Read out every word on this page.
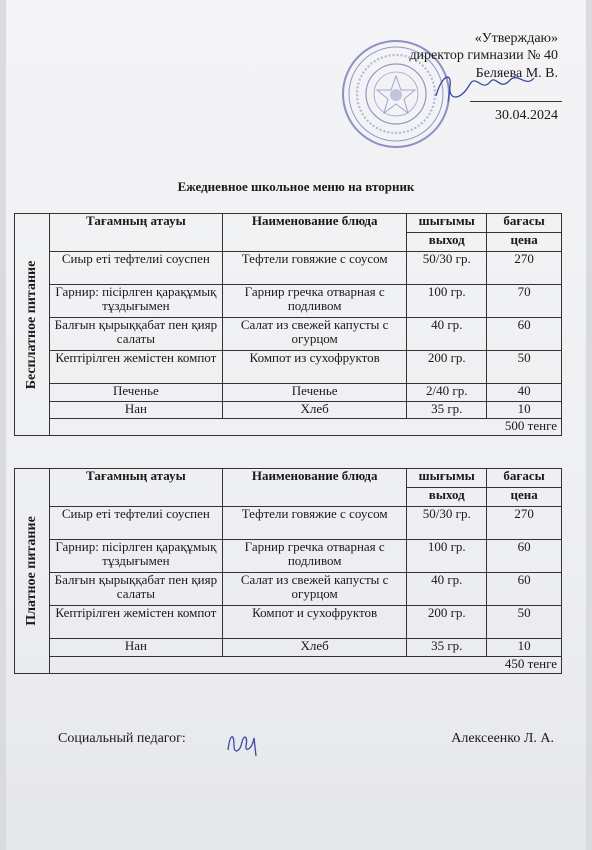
«Утверждаю»
директор гимназии № 40
Беляева М. В.
30.04.2024
Ежедневное школьное меню на вторник
Бесплатное питание	Тағамның атауы	Наименование блюда	шығымы	бағасы
			выход	цена
	Сиыр еті тефтелиі соуспен	Тефтели говяжие с соусом	50/30 гр.	270
	Гарнир: пісірлген қарақұмық тұздығымен	Гарнир гречка отварная с подливом	100 гр.	70
	Балғын қырыққабат пен қияр салаты	Салат из свежей капусты с огурцом	40 гр.	60
	Кептірілген жемістен компот	Компот из сухофруктов	200 гр.	50
	Печенье	Печенье	2/40 гр.	40
	Нан	Хлеб	35 гр.	10
	500 тенге			
Платное питание	Тағамның атауы	Наименование блюда	шығымы	бағасы
			выход	цена
	Сиыр еті тефтелиі соуспен	Тефтели говяжие с соусом	50/30 гр.	270
	Гарнир: пісірлген қарақұмық тұздығымен	Гарнир гречка отварная с подливом	100 гр.	60
	Балғын қырыққабат пен қияр салаты	Салат из свежей капусты с огурцом	40 гр.	60
	Кептірілген жемістен компот	Компот и сухофруктов	200 гр.	50
	Нан	Хлеб	35 гр.	10
	450 тенге			
Социальный педагог:	Алексеенко Л. А.
